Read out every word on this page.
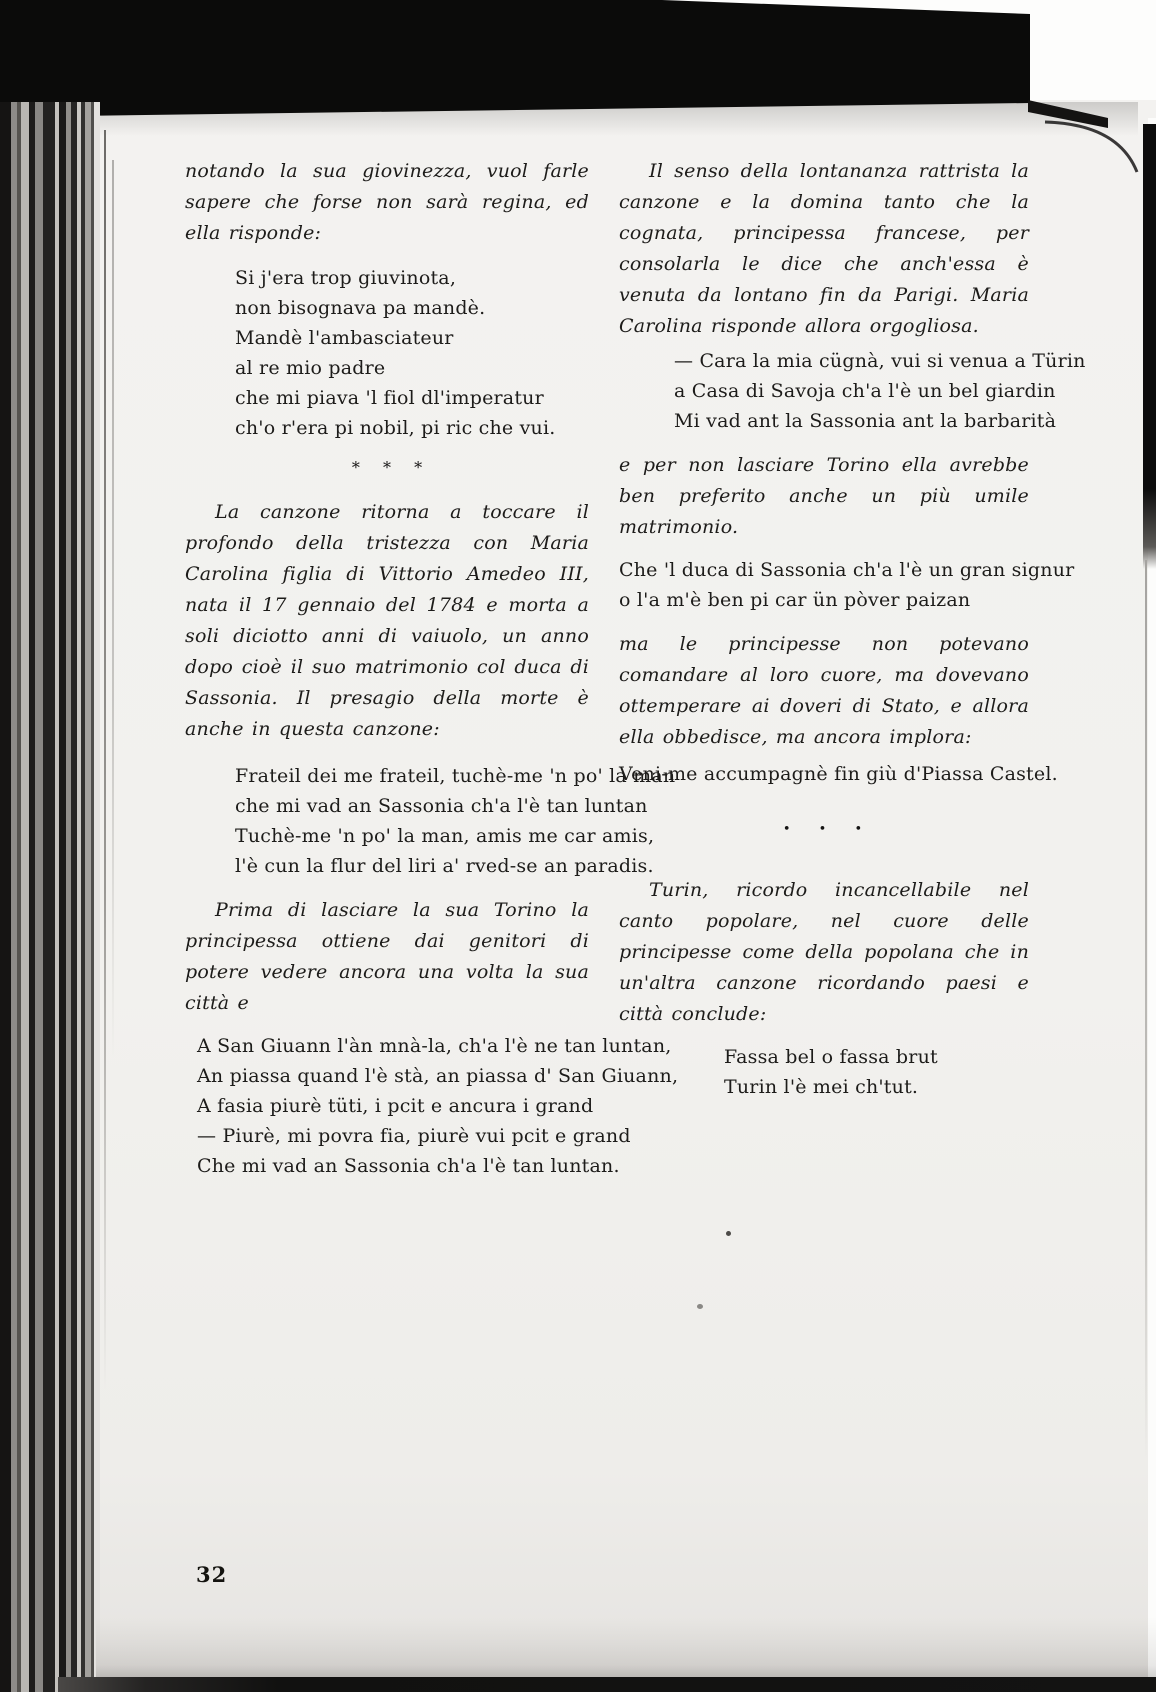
notando la sua giovinezza, vuol farle sapere che forse non sarà regina, ed ella risponde:
Si j'era trop giuvinota,
non bisognava pa mandè.
Mandè l'ambasciateur
al re mio padre
che mi piava 'l fiol dl'imperatur
ch'o r'era pi nobil, pi ric che vui.
* * *
La canzone ritorna a toccare il profondo della tristezza con Maria Carolina figlia di Vittorio Amedeo III, nata il 17 gennaio del 1784 e morta a soli diciotto anni di vaiuolo, un anno dopo cioè il suo matrimonio col duca di Sassonia. Il presagio della morte è anche in questa canzone:
Frateil dei me frateil, tuchè-me 'n po' la man
che mi vad an Sassonia ch'a l'è tan luntan
Tuchè-me 'n po' la man, amis me car amis,
l'è cun la flur del liri a' rved-se an paradis.
Prima di lasciare la sua Torino la principessa ottiene dai genitori di potere vedere ancora una volta la sua città e
A San Giuann l'àn mnà-la, ch'a l'è ne tan luntan,
An piassa quand l'è stà, an piassa d' San Giuann,
A fasia piurè tüti, i pcit e ancura i grand
— Piurè, mi povra fia, piurè vui pcit e grand
Che mi vad an Sassonia ch'a l'è tan luntan.
Il senso della lontananza rattrista la canzone e la domina tanto che la cognata, principessa francese, per consolarla le dice che anch'essa è venuta da lontano fin da Parigi. Maria Carolina risponde allora orgogliosa.
— Cara la mia cügnà, vui si venua a Türin
a Casa di Savoja ch'a l'è un bel giardin
Mi vad ant la Sassonia ant la barbarità
e per non lasciare Torino ella avrebbe ben preferito anche un più umile matrimonio.
Che 'l duca di Sassonia ch'a l'è un gran signur
o l'a m'è ben pi car ün pòver paizan
ma le principesse non potevano comandare al loro cuore, ma dovevano ottemperare ai doveri di Stato, e allora ella obbedisce, ma ancora implora:
Veni-me accumpagnè fin giù d'Piassa Castel.
• • •
Turin, ricordo incancellabile nel canto popolare, nel cuore delle principesse come della popolana che in un'altra canzone ricordando paesi e città conclude:
Fassa bel o fassa brut
Turin l'è mei ch'tut.
32
